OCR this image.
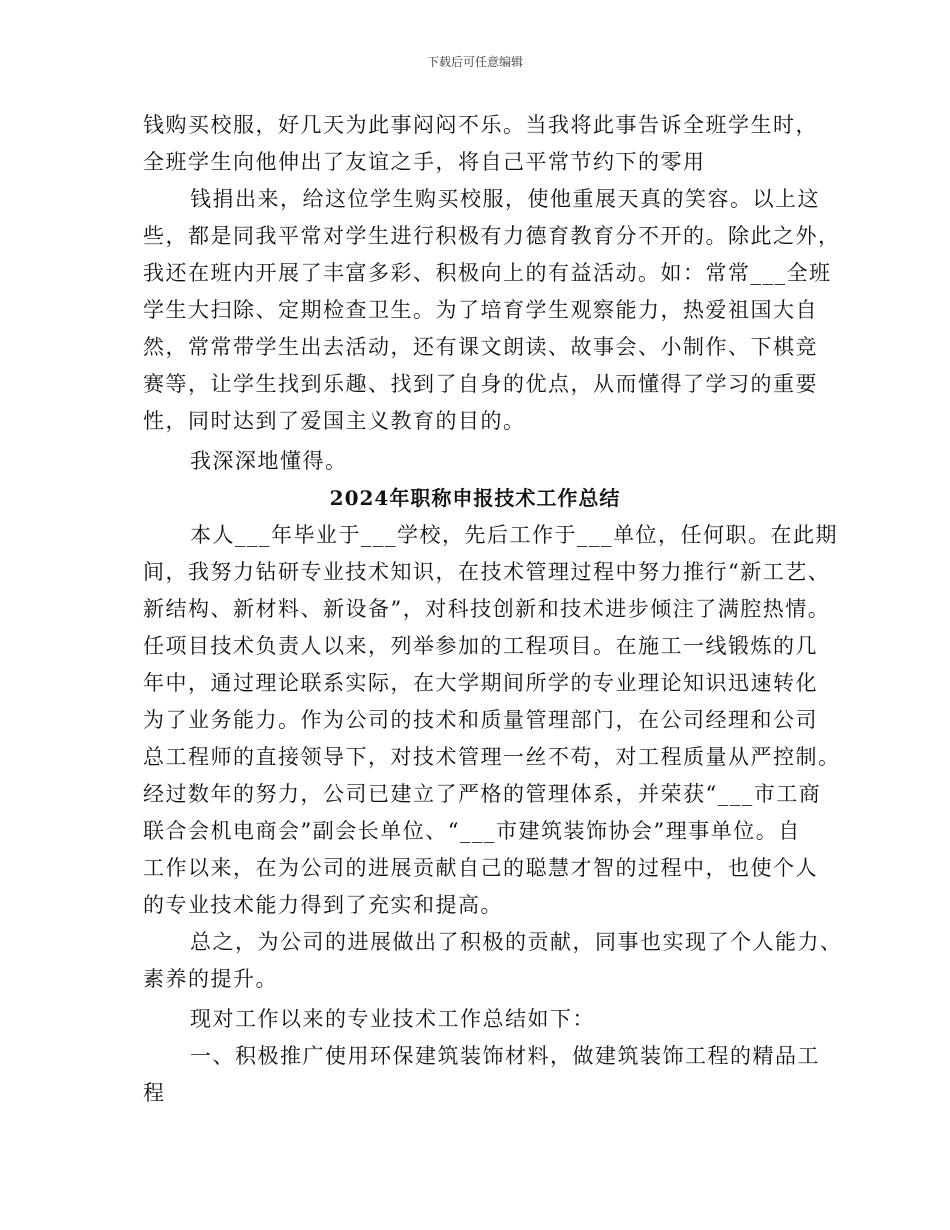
下载后可任意编辑
钱购买校服，好几天为此事闷闷不乐。当我将此事告诉全班学生时，
全班学生向他伸出了友谊之手，将自己平常节约下的零用
钱捐出来，给这位学生购买校服，使他重展天真的笑容。以上这
些，都是同我平常对学生进行积极有力德育教育分不开的。除此之外，
我还在班内开展了丰富多彩、积极向上的有益活动。如：常常___全班
学生大扫除、定期检查卫生。为了培育学生观察能力，热爱祖国大自
然，常常带学生出去活动，还有课文朗读、故事会、小制作、下棋竞
赛等，让学生找到乐趣、找到了自身的优点，从而懂得了学习的重要
性，同时达到了爱国主义教育的目的。
我深深地懂得。
2024年职称申报技术工作总结
本人___年毕业于___学校，先后工作于___单位，任何职。在此期
间，我努力钻研专业技术知识，在技术管理过程中努力推行“新工艺、
新结构、新材料、新设备”，对科技创新和技术进步倾注了满腔热情。
任项目技术负责人以来，列举参加的工程项目。在施工一线锻炼的几
年中，通过理论联系实际，在大学期间所学的专业理论知识迅速转化
为了业务能力。作为公司的技术和质量管理部门，在公司经理和公司
总工程师的直接领导下，对技术管理一丝不苟，对工程质量从严控制。
经过数年的努力，公司已建立了严格的管理体系，并荣获“___市工商
联合会机电商会”副会长单位、“___市建筑装饰协会”理事单位。自
工作以来，在为公司的进展贡献自己的聪慧才智的过程中，也使个人
的专业技术能力得到了充实和提高。
总之，为公司的进展做出了积极的贡献，同事也实现了个人能力、
素养的提升。
现对工作以来的专业技术工作总结如下：
一、积极推广使用环保建筑装饰材料，做建筑装饰工程的精品工
程
